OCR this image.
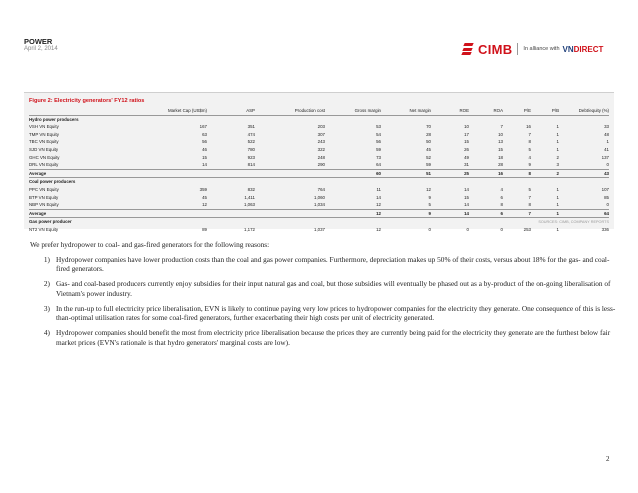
POWER
April 2, 2014	CIMB In alliance with VNDIRECT
Figure 2: Electricity generators' FY12 ratios
	Market Cap (US$m)	ASP	Production cost	Gross margin	Net margin	ROE	ROA	P/E	P/B	Debt/equity (%)
Hydro power producers										
VSH VN Equity	167	351	203	53	70	10	7	16	1	33
TMP VN Equity	63	474	307	54	28	17	10	7	1	48
TBC VN Equity	56	522	243	56	50	15	13	8	1	1
SJD VN Equity	46	780	322	59	45	26	15	5	1	41
GHC VN Equity	15	923	248	73	52	49	18	4	2	137
DRL VN Equity	14	814	290	64	59	31	28	9	3	0
Average				60	51	25	16	8	2	43
Coal power producers										
PPC VN Equity	359	832	764	11	12	14	4	5	1	107
BTP VN Equity	45	1,411	1,060	14	9	15	6	7	1	85
NBP VN Equity	12	1,063	1,034	12	5	14	8	8	1	0
Average				12	9	14	6	7	1	64
Gas power producer										
NT2 VN Equity	89	1,172	1,037	12	0	0	0	253	1	336
SOURCES: CIMB, COMPANY REPORTS

We prefer hydropower to coal- and gas-fired generators for the following reasons:

1) Hydropower companies have lower production costs than the coal and gas power companies. Furthermore, depreciation makes up 50% of their costs, versus about 18% for the gas- and coal-fired generators.
2) Gas- and coal-based producers currently enjoy subsidies for their input natural gas and coal, but those subsidies will eventually be phased out as a by-product of the on-going liberalisation of Vietnam's power industry.
3) In the run-up to full electricity price liberalisation, EVN is likely to continue paying very low prices to hydropower companies for the electricity they generate. One consequence of this is less-than-optimal utilisation rates for some coal-fired generators, further exacerbating their high costs per unit of electricity generated.
4) Hydropower companies should benefit the most from electricity price liberalisation because the prices they are currently being paid for the electricity they generate are the furthest below fair market prices (EVN's rationale is that hydro generators' marginal costs are low).
2
